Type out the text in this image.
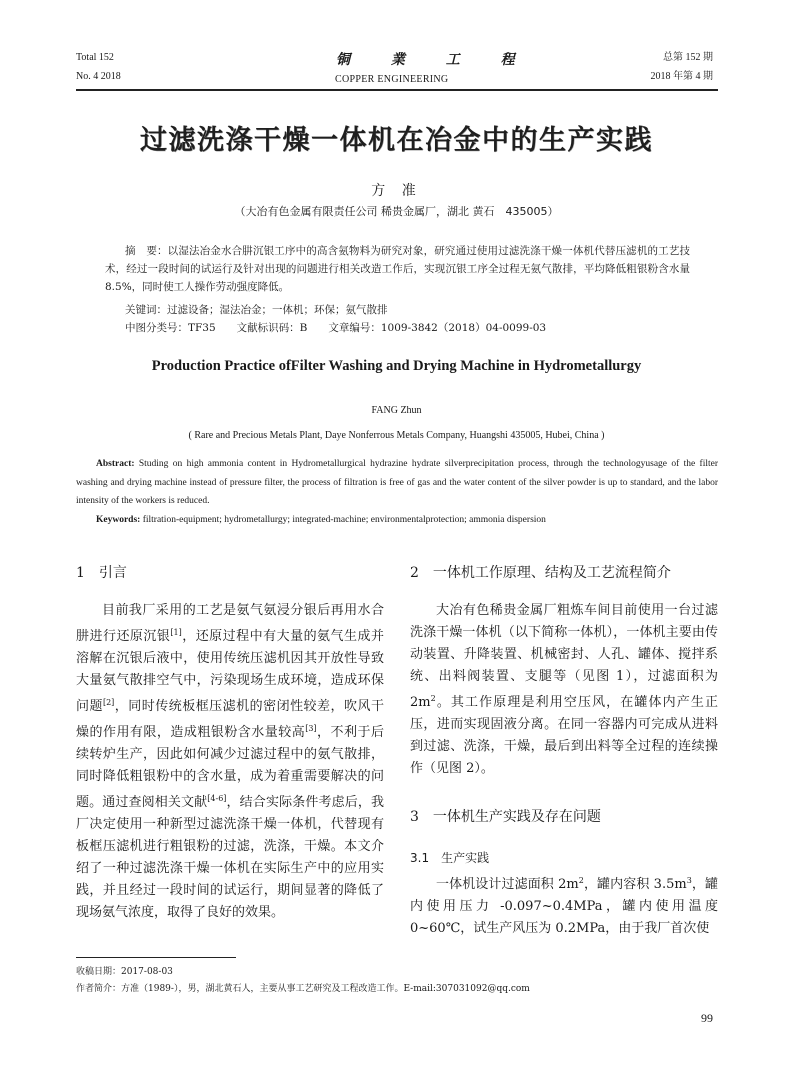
Total 152
No. 4 2018
铜 業 工 程
COPPER ENGINEERING
总第 152 期
2018 年第 4 期
过滤洗涤干燥一体机在冶金中的生产实践
方 准
（大冶有色金属有限责任公司 稀贵金属厂，湖北 黄石　435005）
摘　要：以湿法冶金水合肼沉银工序中的高含氨物料为研究对象，研究通过使用过滤洗涤干燥一体机代替压滤机的工艺技术，经过一段时间的试运行及针对出现的问题进行相关改造工作后，实现沉银工序全过程无氨气散排，平均降低粗银粉含水量 8.5%，同时使工人操作劳动强度降低。
关键词：过滤设备；湿法冶金；一体机；环保；氨气散排
中图分类号：TF35　　文献标识码：B　　文章编号：1009-3842（2018）04-0099-03
Production Practice ofFilter Washing and Drying Machine in Hydrometallurgy
FANG Zhun
( Rare and Precious Metals Plant, Daye Nonferrous Metals Company, Huangshi 435005, Hubei, China )
Abstract: Studing on high ammonia content in Hydrometallurgical hydrazine hydrate silverprecipitation process, through the technologyusage of the filter washing and drying machine instead of pressure filter, the process of filtration is free of gas and the water content of the silver powder is up to standard, and the labor intensity of the workers is reduced.
Keywords: filtration-equipment; hydrometallurgy; integrated-machine; environmentalprotection; ammonia dispersion
1　引言
目前我厂采用的工艺是氨气氨浸分银后再用水合肼进行还原沉银[1]，还原过程中有大量的氨气生成并溶解在沉银后液中，使用传统压滤机因其开放性导致大量氨气散排空气中，污染现场生成环境，造成环保问题[2]，同时传统板框压滤机的密闭性较差，吹风干燥的作用有限，造成粗银粉含水量较高[3]，不利于后续转炉生产，因此如何减少过滤过程中的氨气散排，同时降低粗银粉中的含水量，成为着重需要解决的问题。通过查阅相关文献[4-6]，结合实际条件考虑后，我厂决定使用一种新型过滤洗涤干燥一体机，代替现有板框压滤机进行粗银粉的过滤，洗涤，干燥。本文介绍了一种过滤洗涤干燥一体机在实际生产中的应用实践，并且经过一段时间的试运行，期间显著的降低了现场氨气浓度，取得了良好的效果。
2　一体机工作原理、结构及工艺流程简介
大冶有色稀贵金属厂粗炼车间目前使用一台过滤洗涤干燥一体机（以下简称一体机），一体机主要由传动装置、升降装置、机械密封、人孔、罐体、搅拌系统、出料阀装置、支腿等（见图 1），过滤面积为 $2m^2$。其工作原理是利用空压风，在罐体内产生正压，进而实现固液分离。在同一容器内可完成从进料到过滤、洗涤，干燥，最后到出料等全过程的连续操作（见图 2）。
3　一体机生产实践及存在问题
3.1　生产实践
一体机设计过滤面积 $2m^2$，罐内容积 $3.5m^3$，罐内使用压力 -0.097~0.4MPa，罐内使用温度 0~60℃，试生产风压为 0.2MPa，由于我厂首次使
收稿日期：2017-08-03
作者简介：方准（1989-），男，湖北黄石人，主要从事工艺研究及工程改造工作。E-mail:307031092@qq.com
99
